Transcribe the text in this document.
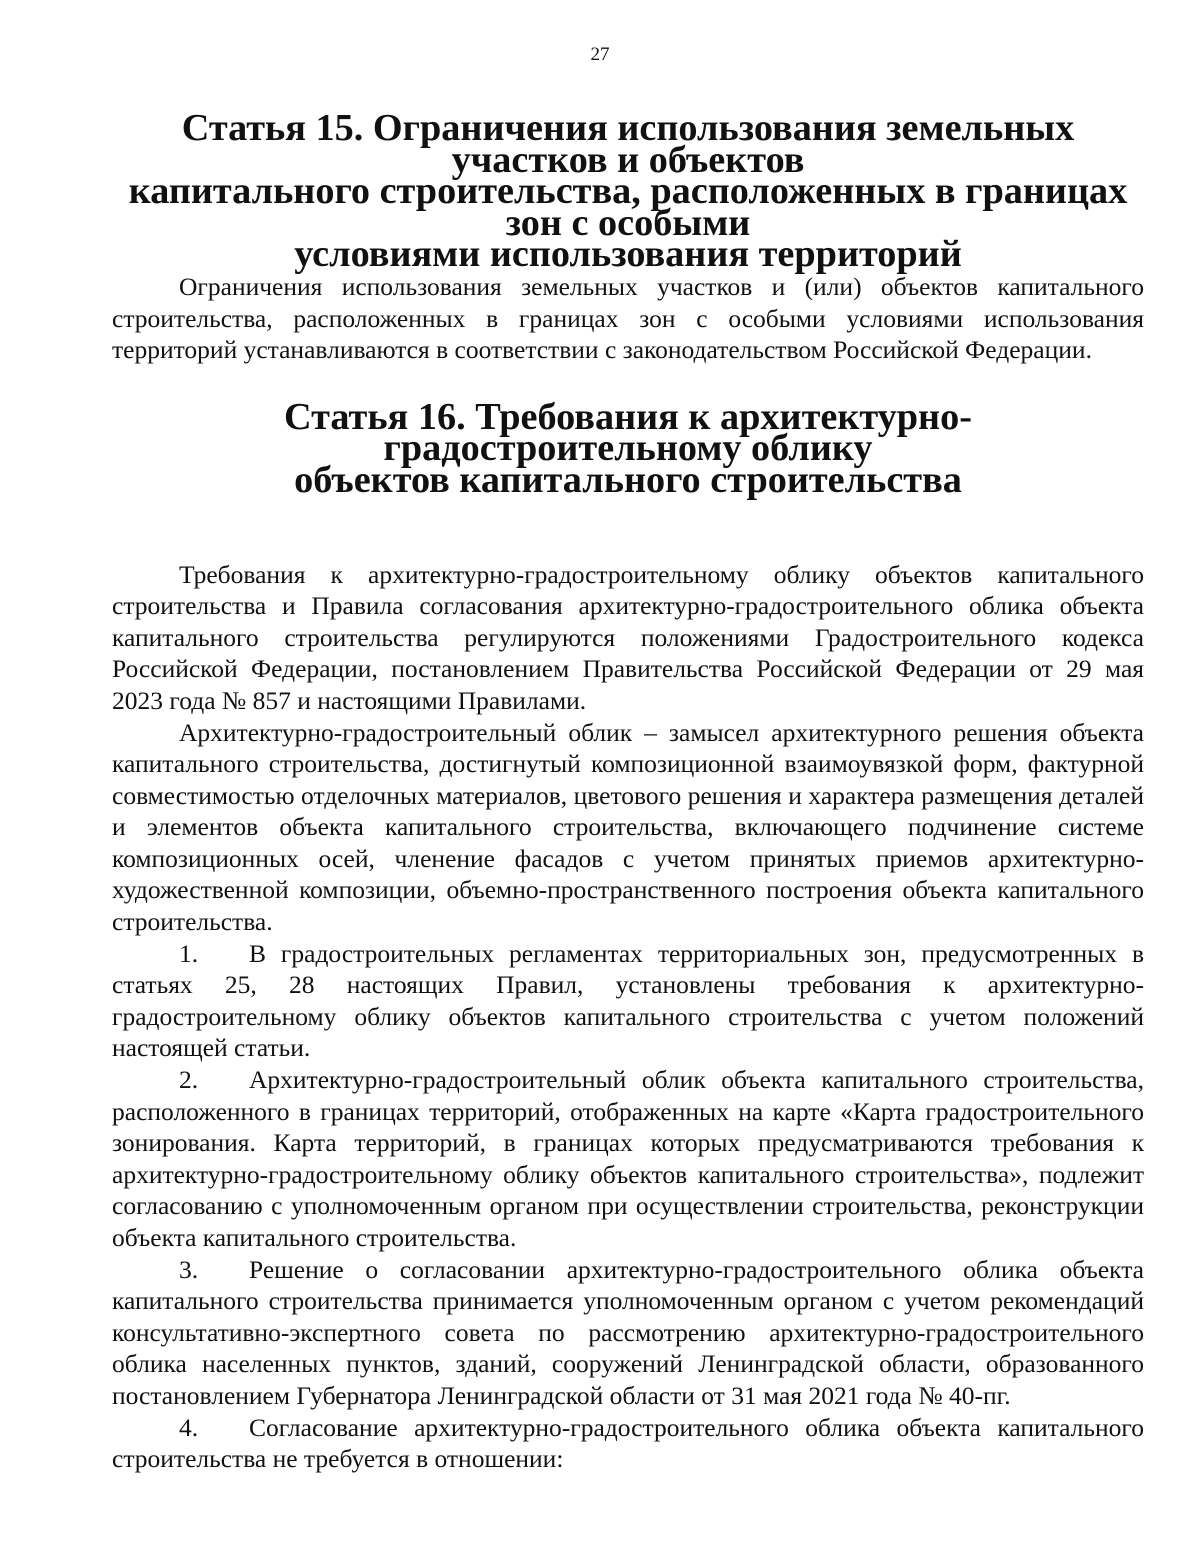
27
Статья 15. Ограничения использования земельных участков и объектов
капитального строительства, расположенных в границах зон с особыми
условиями использования территорий

Ограничения использования земельных участков и (или) объектов капитального строительства, расположенных в границах зон с особыми условиями использования территорий устанавливаются в соответствии с законодательством Российской Федерации.

Статья 16. Требования к архитектурно-градостроительному облику
объектов капитального строительства

Требования к архитектурно-градостроительному облику объектов капитального строительства и Правила согласования архитектурно-градостроительного облика объекта капитального строительства регулируются положениями Градостроительного кодекса Российской Федерации, постановлением Правительства Российской Федерации от 29 мая 2023 года № 857 и настоящими Правилами.

Архитектурно-градостроительный облик – замысел архитектурного решения объекта капитального строительства, достигнутый композиционной взаимоувязкой форм, фактурной совместимостью отделочных материалов, цветового решения и характера размещения деталей и элементов объекта капитального строительства, включающего подчинение системе композиционных осей, членение фасадов с учетом принятых приемов архитектурно-художественной композиции, объемно-пространственного построения объекта капитального строительства.

1. В градостроительных регламентах территориальных зон, предусмотренных в статьях 25, 28 настоящих Правил, установлены требования к архитектурно-градостроительному облику объектов капитального строительства с учетом положений настоящей статьи.

2. Архитектурно-градостроительный облик объекта капитального строительства, расположенного в границах территорий, отображенных на карте «Карта градостроительного зонирования. Карта территорий, в границах которых предусматриваются требования к архитектурно-градостроительному облику объектов капитального строительства», подлежит согласованию с уполномоченным органом при осуществлении строительства, реконструкции объекта капитального строительства.

3. Решение о согласовании архитектурно-градостроительного облика объекта капитального строительства принимается уполномоченным органом с учетом рекомендаций консультативно-экспертного совета по рассмотрению архитектурно-градостроительного облика населенных пунктов, зданий, сооружений Ленинградской области, образованного постановлением Губернатора Ленинградской области от 31 мая 2021 года № 40-пг.

4. Согласование архитектурно-градостроительного облика объекта капитального строительства не требуется в отношении:
